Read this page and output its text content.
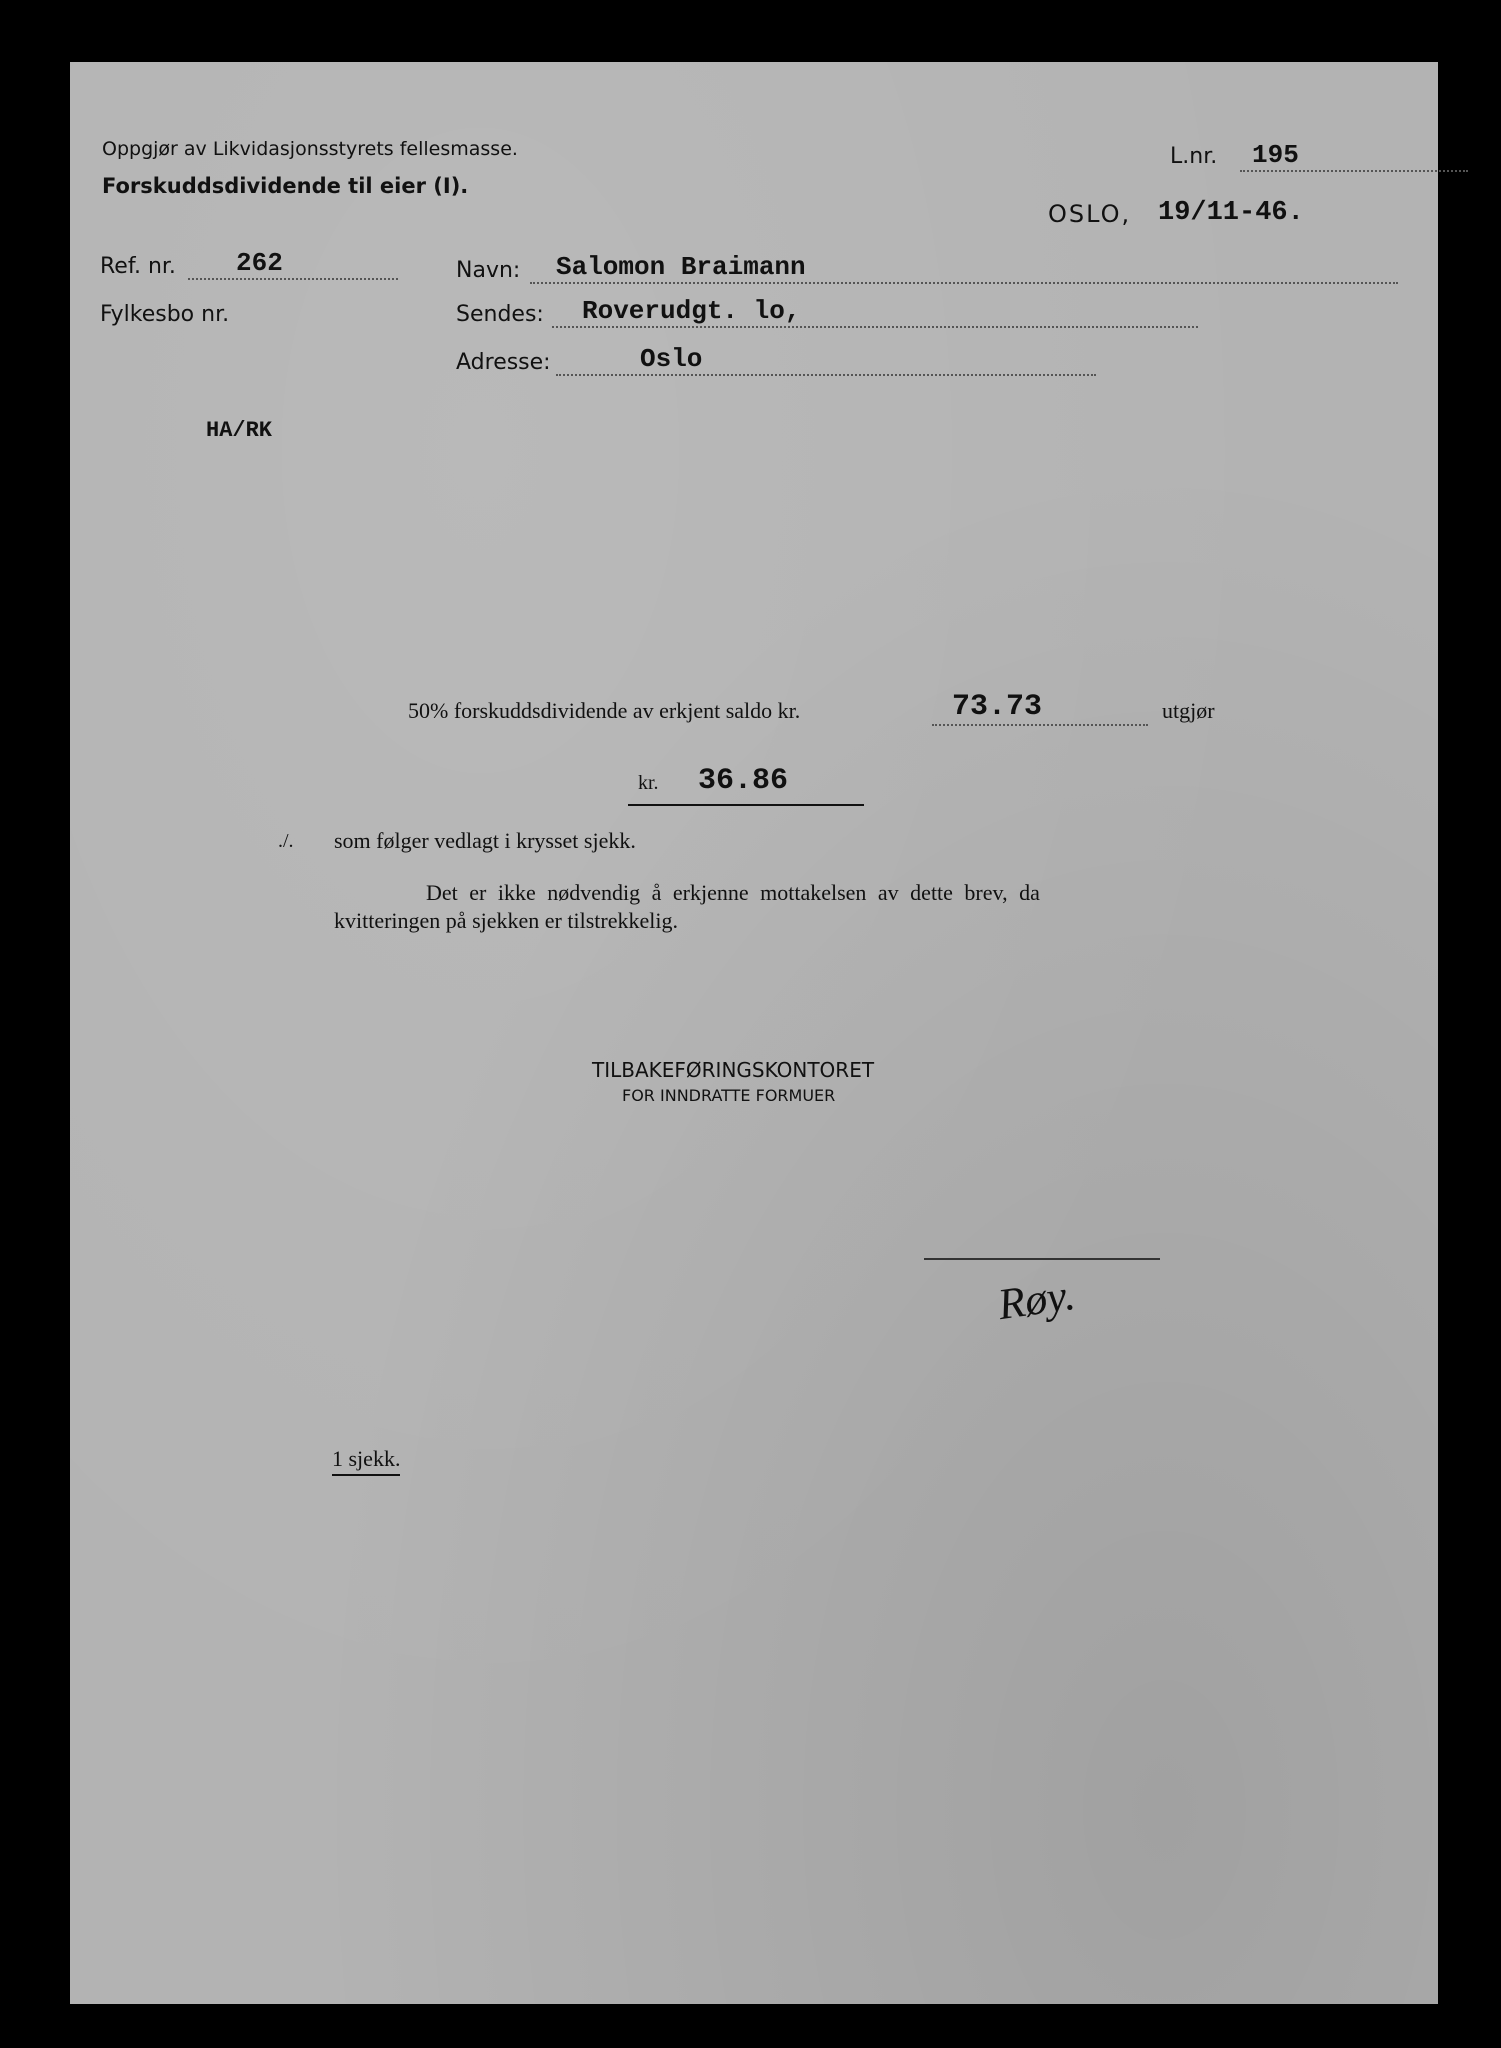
Oppgjør av Likvidasjonsstyrets fellesmasse.
Forskuddsdividende til eier (I).
L.nr.	195
OSLO, 19/11-46.
Ref. nr.	262
Fylkesbo nr.
Navn:	Salomon Braimann
Sendes:	Roverudgt. lo,
Adresse:	Oslo
HA/RK
50% forskuddsdividende av erkjent saldo kr.	73.73	utgjør
kr. 36.86
./. som følger vedlagt i krysset sjekk.
Det er ikke nødvendig å erkjenne mottakelsen av dette brev, da
kvitteringen på sjekken er tilstrekkelig.
TILBAKEFØRINGSKONTORET
FOR INNDRATTE FORMUER
Røy.
1 sjekk.
